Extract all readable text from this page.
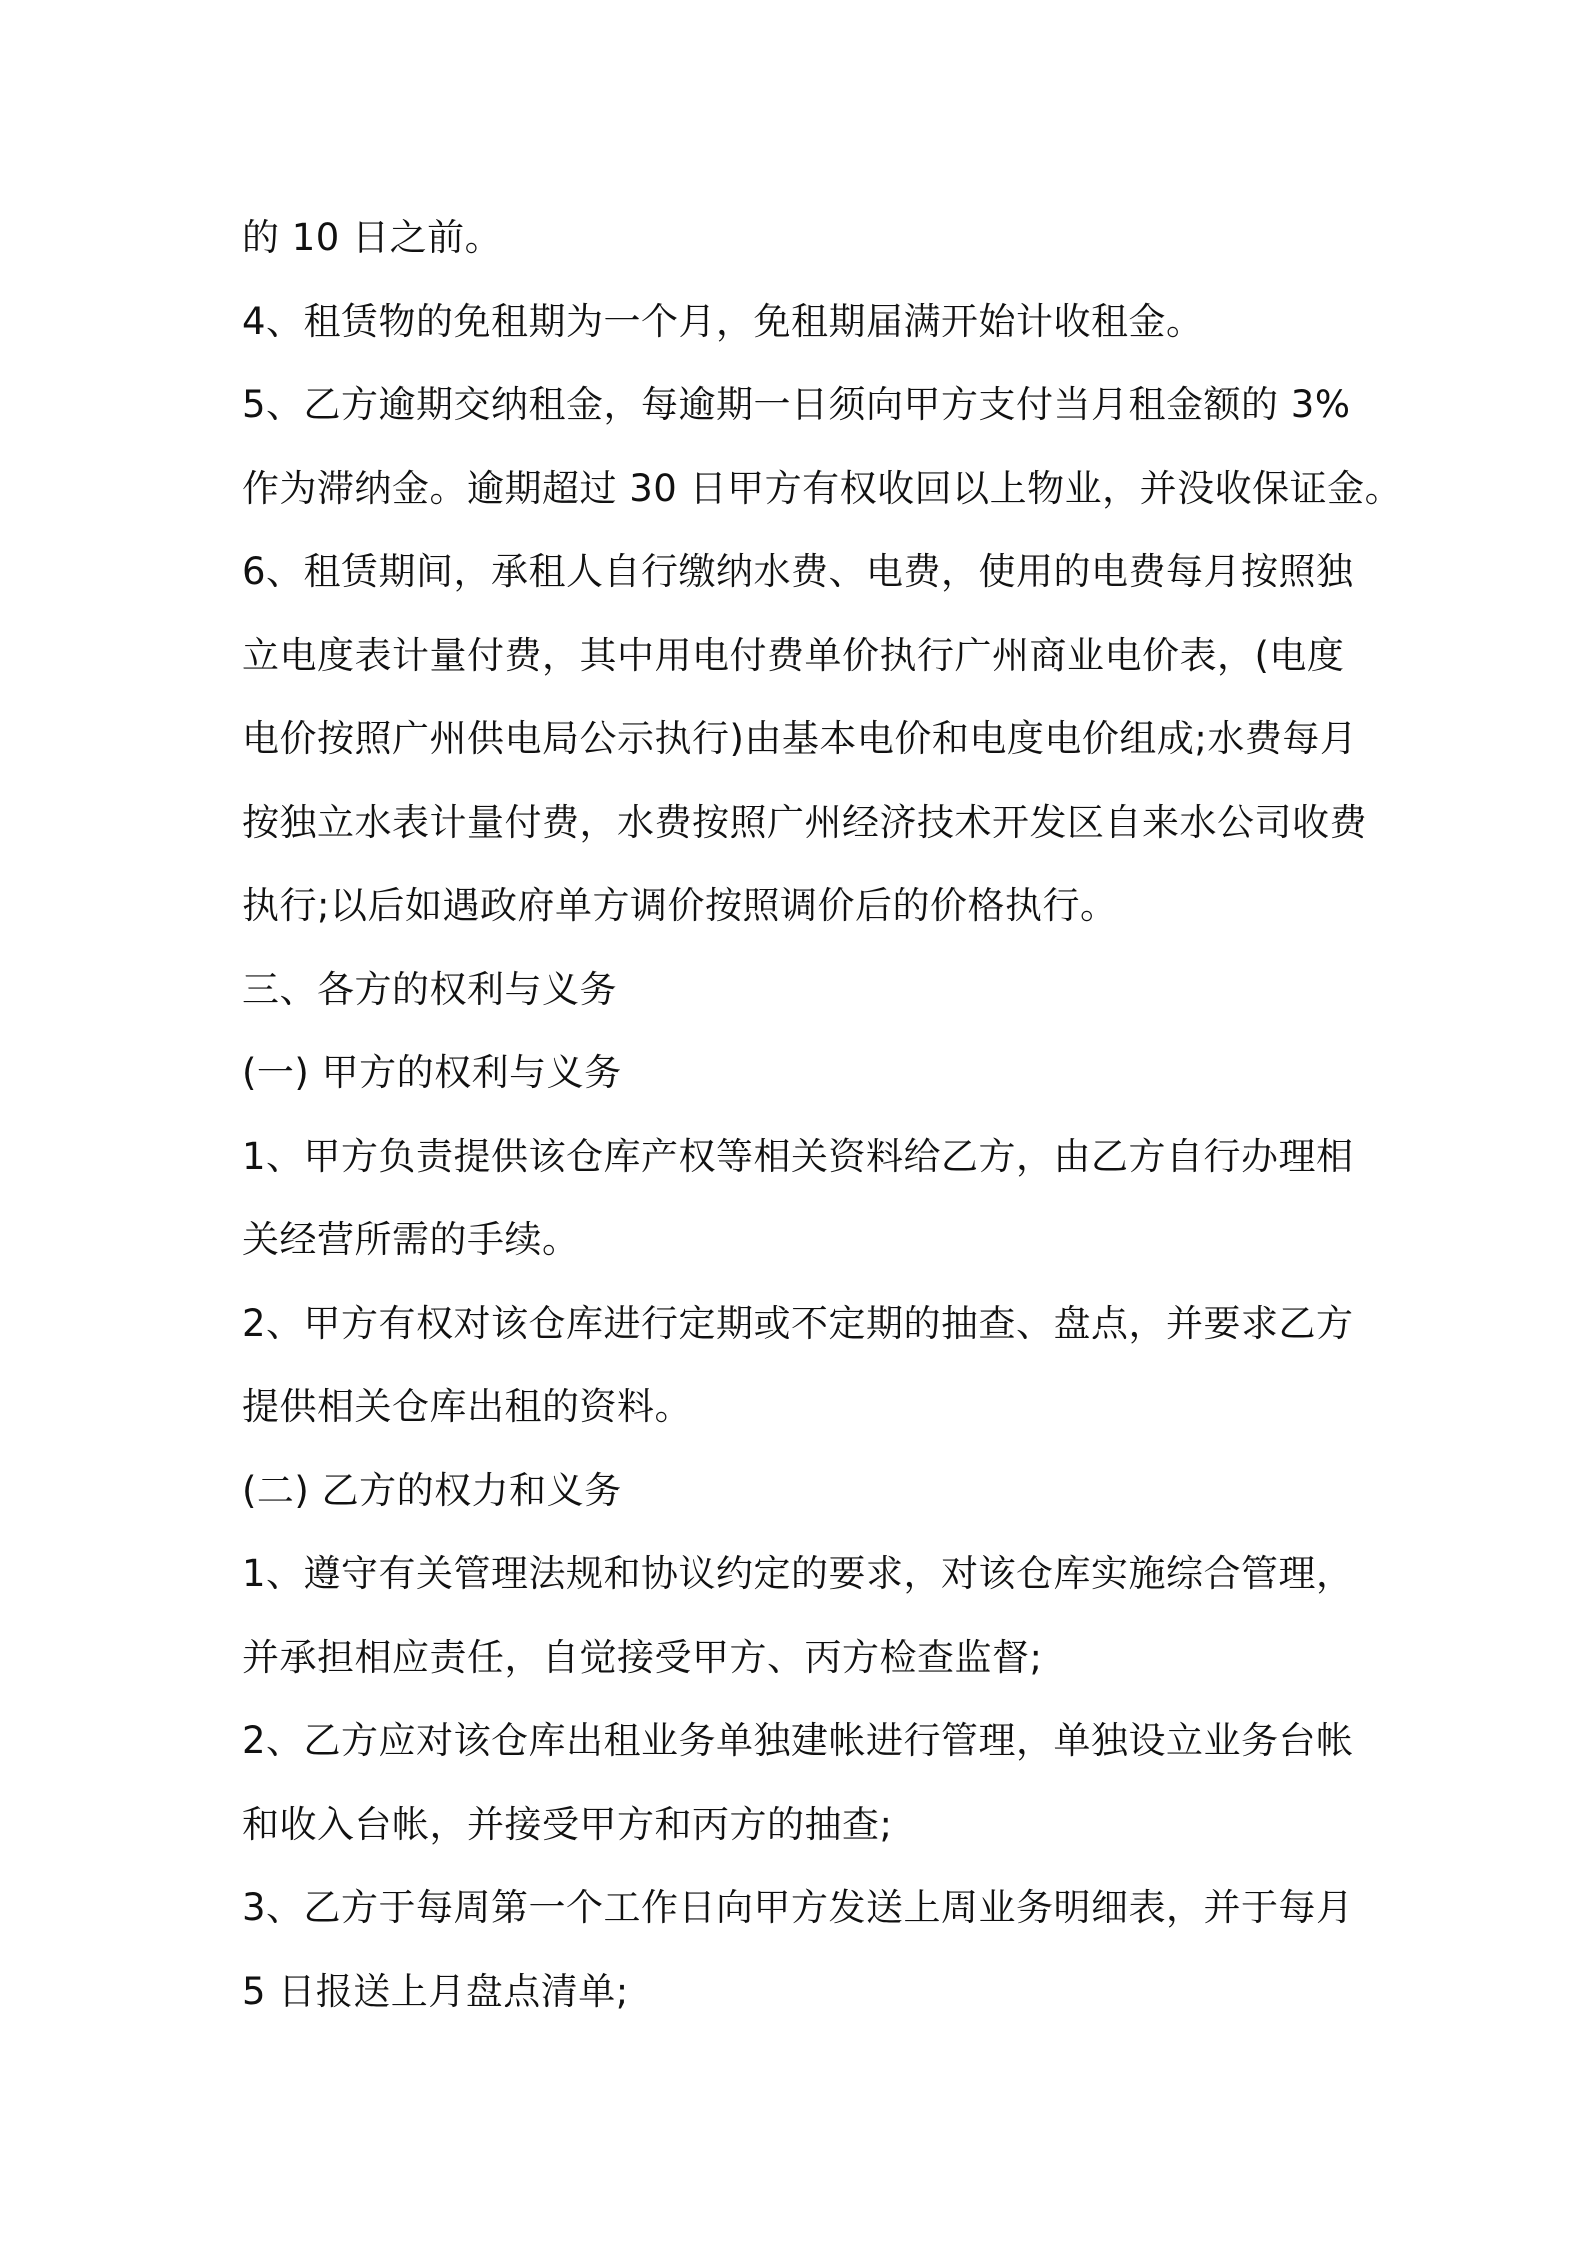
的 10 日之前。
4、租赁物的免租期为一个月，免租期届满开始计收租金。
5、乙方逾期交纳租金，每逾期一日须向甲方支付当月租金额的 3%
作为滞纳金。逾期超过 30 日甲方有权收回以上物业，并没收保证金。
6、租赁期间，承租人自行缴纳水费、电费，使用的电费每月按照独
立电度表计量付费，其中用电付费单价执行广州商业电价表，(电度
电价按照广州供电局公示执行)由基本电价和电度电价组成;水费每月
按独立水表计量付费，水费按照广州经济技术开发区自来水公司收费
执行;以后如遇政府单方调价按照调价后的价格执行。
三、各方的权利与义务
(一) 甲方的权利与义务
1、甲方负责提供该仓库产权等相关资料给乙方，由乙方自行办理相
关经营所需的手续。
2、甲方有权对该仓库进行定期或不定期的抽查、盘点，并要求乙方
提供相关仓库出租的资料。
(二) 乙方的权力和义务
1、遵守有关管理法规和协议约定的要求，对该仓库实施综合管理，
并承担相应责任，自觉接受甲方、丙方检查监督;
2、乙方应对该仓库出租业务单独建帐进行管理，单独设立业务台帐
和收入台帐，并接受甲方和丙方的抽查;
3、乙方于每周第一个工作日向甲方发送上周业务明细表，并于每月
5 日报送上月盘点清单;
